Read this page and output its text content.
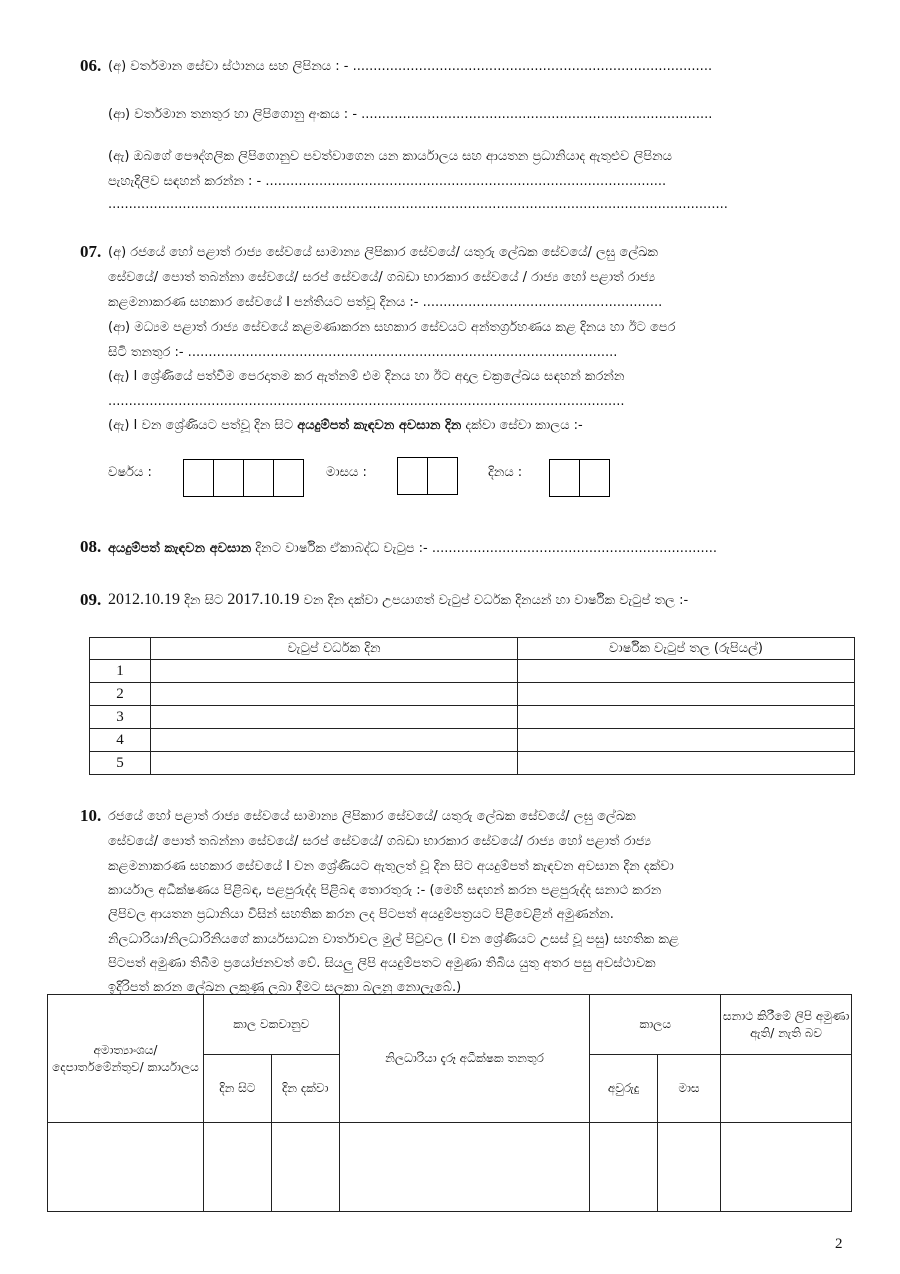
06. (අ) වර්තමාන සේවා ස්ථානය සහ ලිපිනය : - .......................................................................................
(ආ) වර්තමාන තනතුර හා ලිපිගොනු අංකය : - .....................................................................................
(ඇ) ඔබගේ පෞද්ගලික ලිපිගොනුව පවත්වාගෙන යන කාර්යාලය සහ ආයතන ප්‍රධානියාද ඇතුළුව ලිපිනය
පැහැදිලිව සඳහන් කරන්න : - .................................................................................................
......................................................................................................................................................
07. (අ) රජයේ හෝ පළාත් රාජ්‍ය සේවයේ සාමාන්‍ය ලිපිකාර සේවයේ/ යතුරු ලේඛක සේවයේ/ ලඝු ලේඛක
සේවයේ/ පොත් තබන්නා සේවයේ/ සරප් සේවයේ/ ගබඩා භාරකාර සේවයේ / රාජ්‍ය හෝ පළාත් රාජ්‍ය
කළමනාකරණ සහකාර සේවයේ I පන්තියට පත්වූ දිනය :- ..........................................................
(ආ) මධ්‍යම පළාත් රාජ්‍ය සේවයේ කළමණාකරන සහකාර සේවයට අන්තර්ග්‍රහණය කළ දිනය හා ඊට පෙර
සිටි තනතුර :- ........................................................................................................
(ඇ) I ශ්‍රේණියේ පත්වීම පෙරදාතම කර ඇත්නම් එම දිනය හා ඊට අදාල චක්‍රලේඛය සඳහන් කරන්න
.............................................................................................................................
(ඇ) I වන ශ්‍රේණියට පත්වූ දින සිට අයදුම්පත් කැඳවන අවසාන දින දක්වා සේවා කාලය :-
වර්ෂය :	මාසය :	දිනය :
08. අයදුම්පත් කැඳවන අවසාන දිනට වාර්ෂික ඒකාබද්ධ වැටුප :- .....................................................................
09. 2012.10.19 දින සිට 2017.10.19 වන දින දක්වා උපයාගත් වැටුප් වර්ධක දිනයන් හා වාර්ෂික වැටුප් තල :-
	වැටුප් වර්ධක දින	වාර්ෂික වැටුප් තල (රුපියල්)
1		
2		
3		
4		
5		
10. රජයේ හෝ පළාත් රාජ්‍ය සේවයේ සාමාන්‍ය ලිපිකාර සේවයේ/ යතුරු ලේඛක සේවයේ/ ලඝු ලේඛක
සේවයේ/ පොත් තබන්නා සේවයේ/ සරප් සේවයේ/ ගබඩා භාරකාර සේවයේ/ රාජ්‍ය හෝ පළාත් රාජ්‍ය
කළමනාකරණ සහකාර සේවයේ I වන ශ්‍රේණියට ඇතුලත් වූ දින සිට අයදුම්පත් කැඳවන අවසාන දින දක්වා
කාර්යාල අධීක්ෂණය පිළිබඳ, පළපුරුද්ද පිළිබඳ තොරතුරු :- (මෙහි සඳහන් කරන පළපුරුද්ද සනාථ කරන
ලිපිවල ආයතන ප්‍රධානියා විසින් සහතික කරන ලද පිටපත් අයදුම්පත්‍රයට පිළිවෙළින් අමුණන්න.
නිලධාරියා/නිලධාරිනියගේ කාර්යසාධන වාර්තාවල මුල් පිටුවල (I වන ශ්‍රේණියට උසස් වූ පසු) සහතික කළ
පිටපත් අමුණා තිබීම ප්‍රයෝජනවත් වේ. සියලු ලිපි අයදුම්පතට අමුණා තිබිය යුතු අතර පසු අවස්ථාවක
ඉදිරිපත් කරන ලේඛන ලකුණු ලබා දීමට සලකා බලනු නොලැබේ.)
අමාත්‍යාංශය/ දෙපාර්තමේන්තුව/ කාර්යාලය	කාල වකවානුව		නිලධාරියා දැරූ අධීක්ෂක තනතුර	කාලය		සනාථ කිරීමේ ලිපි අමුණා ඇති/ නැති බව
	දින සිට	දින දක්වා		අවුරුදු	මාස	

2
